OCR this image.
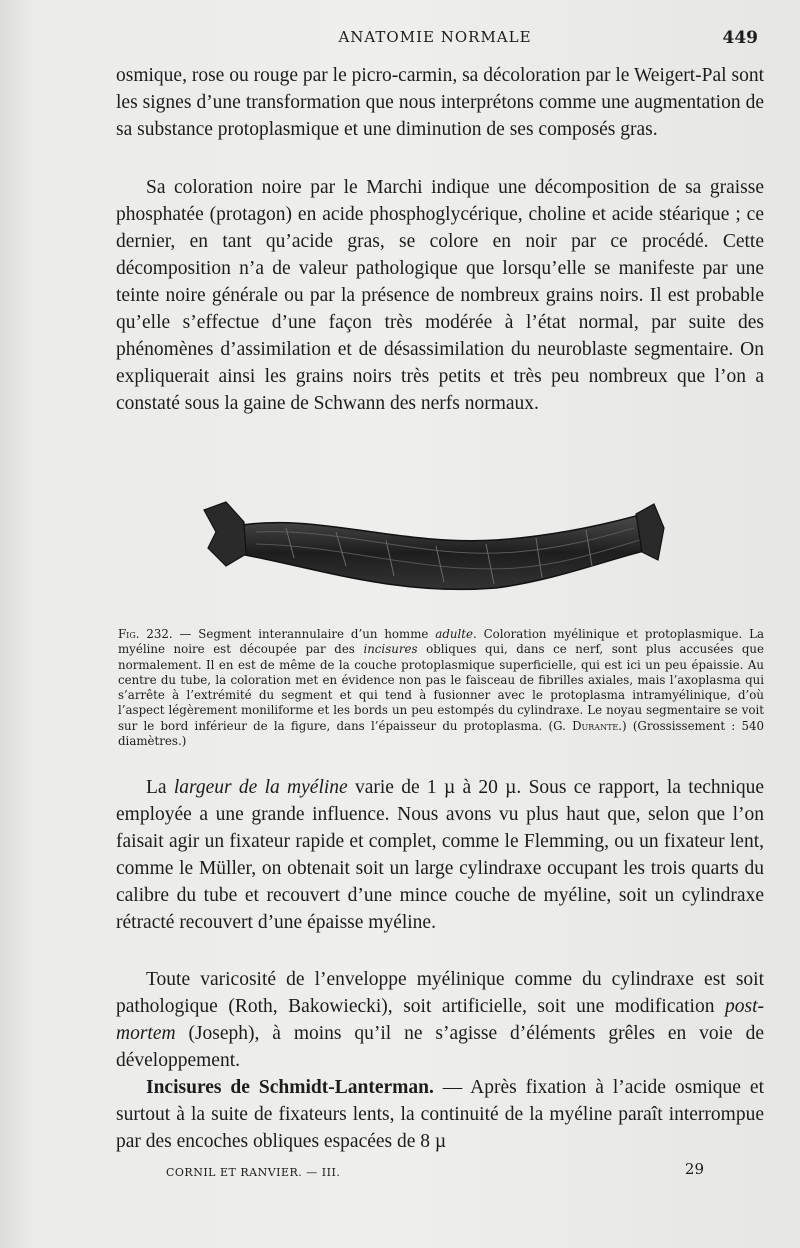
ANATOMIE NORMALE	449

osmique, rose ou rouge par le picro-carmin, sa décoloration par le Weigert-Pal sont les signes d’une transformation que nous interprétons comme une augmentation de sa substance protoplasmique et une diminution de ses composés gras.

Sa coloration noire par le Marchi indique une décomposition de sa graisse phosphatée (protagon) en acide phosphoglycérique, choline et acide stéarique ; ce dernier, en tant qu’acide gras, se colore en noir par ce procédé. Cette décomposition n’a de valeur pathologique que lorsqu’elle se manifeste par une teinte noire générale ou par la présence de nombreux grains noirs. Il est probable qu’elle s’effectue d’une façon très modérée à l’état normal, par suite des phénomènes d’assimilation et de désassimilation du neuroblaste segmentaire. On expliquerait ainsi les grains noirs très petits et très peu nombreux que l’on a constaté sous la gaine de Schwann des nerfs normaux.

Fig. 232. — Segment interannulaire d’un homme adulte. Coloration myélinique et protoplasmique. La myéline noire est découpée par des incisures obliques qui, dans ce nerf, sont plus accusées que normalement. Il en est de même de la couche protoplasmique superficielle, qui est ici un peu épaissie. Au centre du tube, la coloration met en évidence non pas le faisceau de fibrilles axiales, mais l’axoplasma qui s’arrête à l’extrémité du segment et qui tend à fusionner avec le protoplasma intramyélinique, d’où l’aspect légèrement moniliforme et les bords un peu estompés du cylindraxe. Le noyau segmentaire se voit sur le bord inférieur de la figure, dans l’épaisseur du protoplasma. (G. Durante.) (Grossissement : 540 diamètres.)

La largeur de la myéline varie de 1 µ à 20 µ. Sous ce rapport, la technique employée a une grande influence. Nous avons vu plus haut que, selon que l’on faisait agir un fixateur rapide et complet, comme le Flemming, ou un fixateur lent, comme le Müller, on obtenait soit un large cylindraxe occupant les trois quarts du calibre du tube et recouvert d’une mince couche de myéline, soit un cylindraxe rétracté recouvert d’une épaisse myéline.

Toute varicosité de l’enveloppe myélinique comme du cylindraxe est soit pathologique (Roth, Bakowiecki), soit artificielle, soit une modification post-mortem (Joseph), à moins qu’il ne s’agisse d’éléments grêles en voie de développement.

Incisures de Schmidt-Lanterman. — Après fixation à l’acide osmique et surtout à la suite de fixateurs lents, la continuité de la myéline paraît interrompue par des encoches obliques espacées de 8 µ

CORNIL ET RANVIER. — III.	29
